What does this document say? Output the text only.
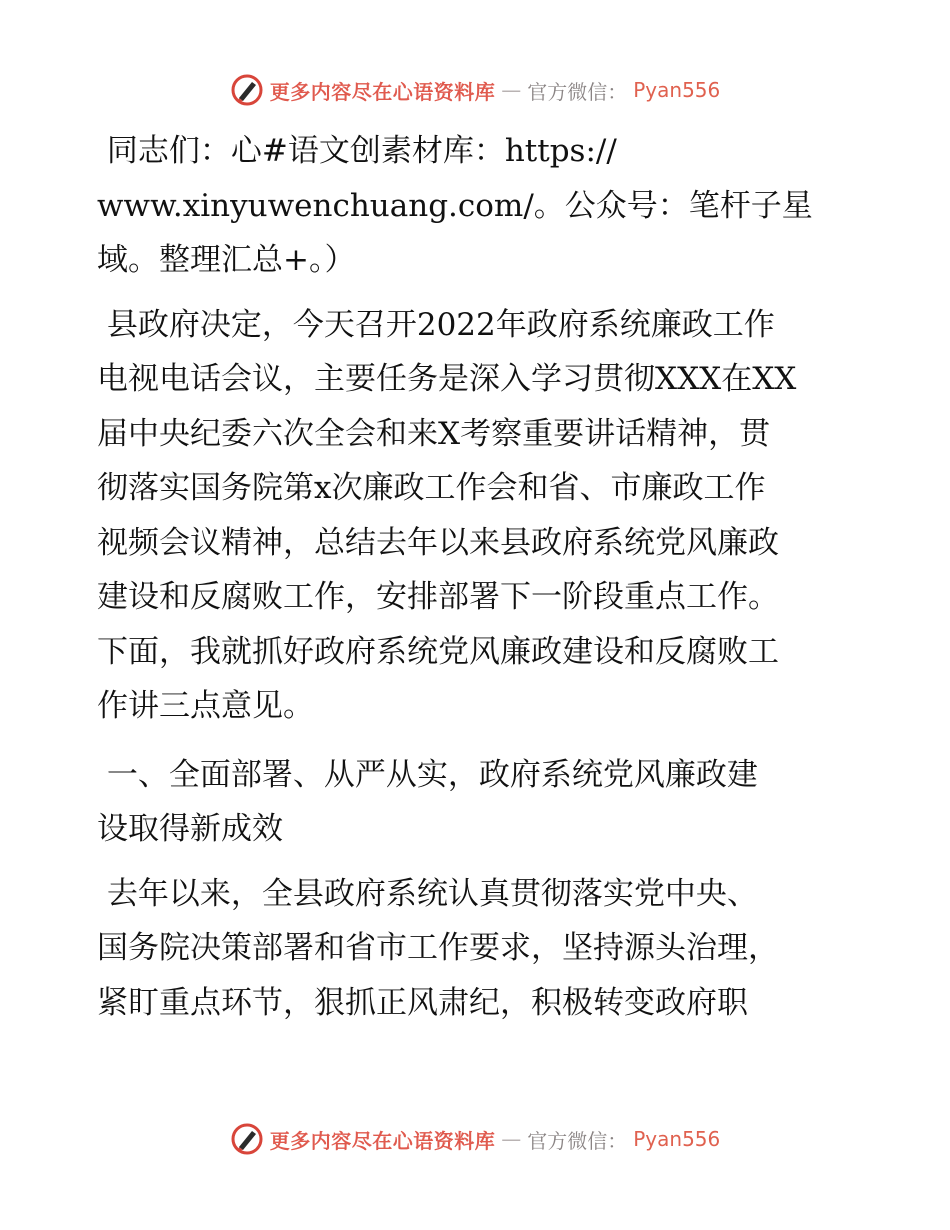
更多内容尽在心语资料库 — 官方微信： Pyan556

同志们：心#语文创素材库：https://
www.xinyuwenchuang.com/。公众号：笔杆子星
域。整理汇总+。）

县政府决定，今天召开2022年政府系统廉政工作
电视电话会议，主要任务是深入学习贯彻XXX在XX
届中央纪委六次全会和来X考察重要讲话精神，贯
彻落实国务院第x次廉政工作会和省、市廉政工作
视频会议精神，总结去年以来县政府系统党风廉政
建设和反腐败工作，安排部署下一阶段重点工作。
下面，我就抓好政府系统党风廉政建设和反腐败工
作讲三点意见。

一、全面部署、从严从实，政府系统党风廉政建
设取得新成效

去年以来，全县政府系统认真贯彻落实党中央、
国务院决策部署和省市工作要求，坚持源头治理，
紧盯重点环节，狠抓正风肃纪，积极转变政府职

更多内容尽在心语资料库 — 官方微信： Pyan556
